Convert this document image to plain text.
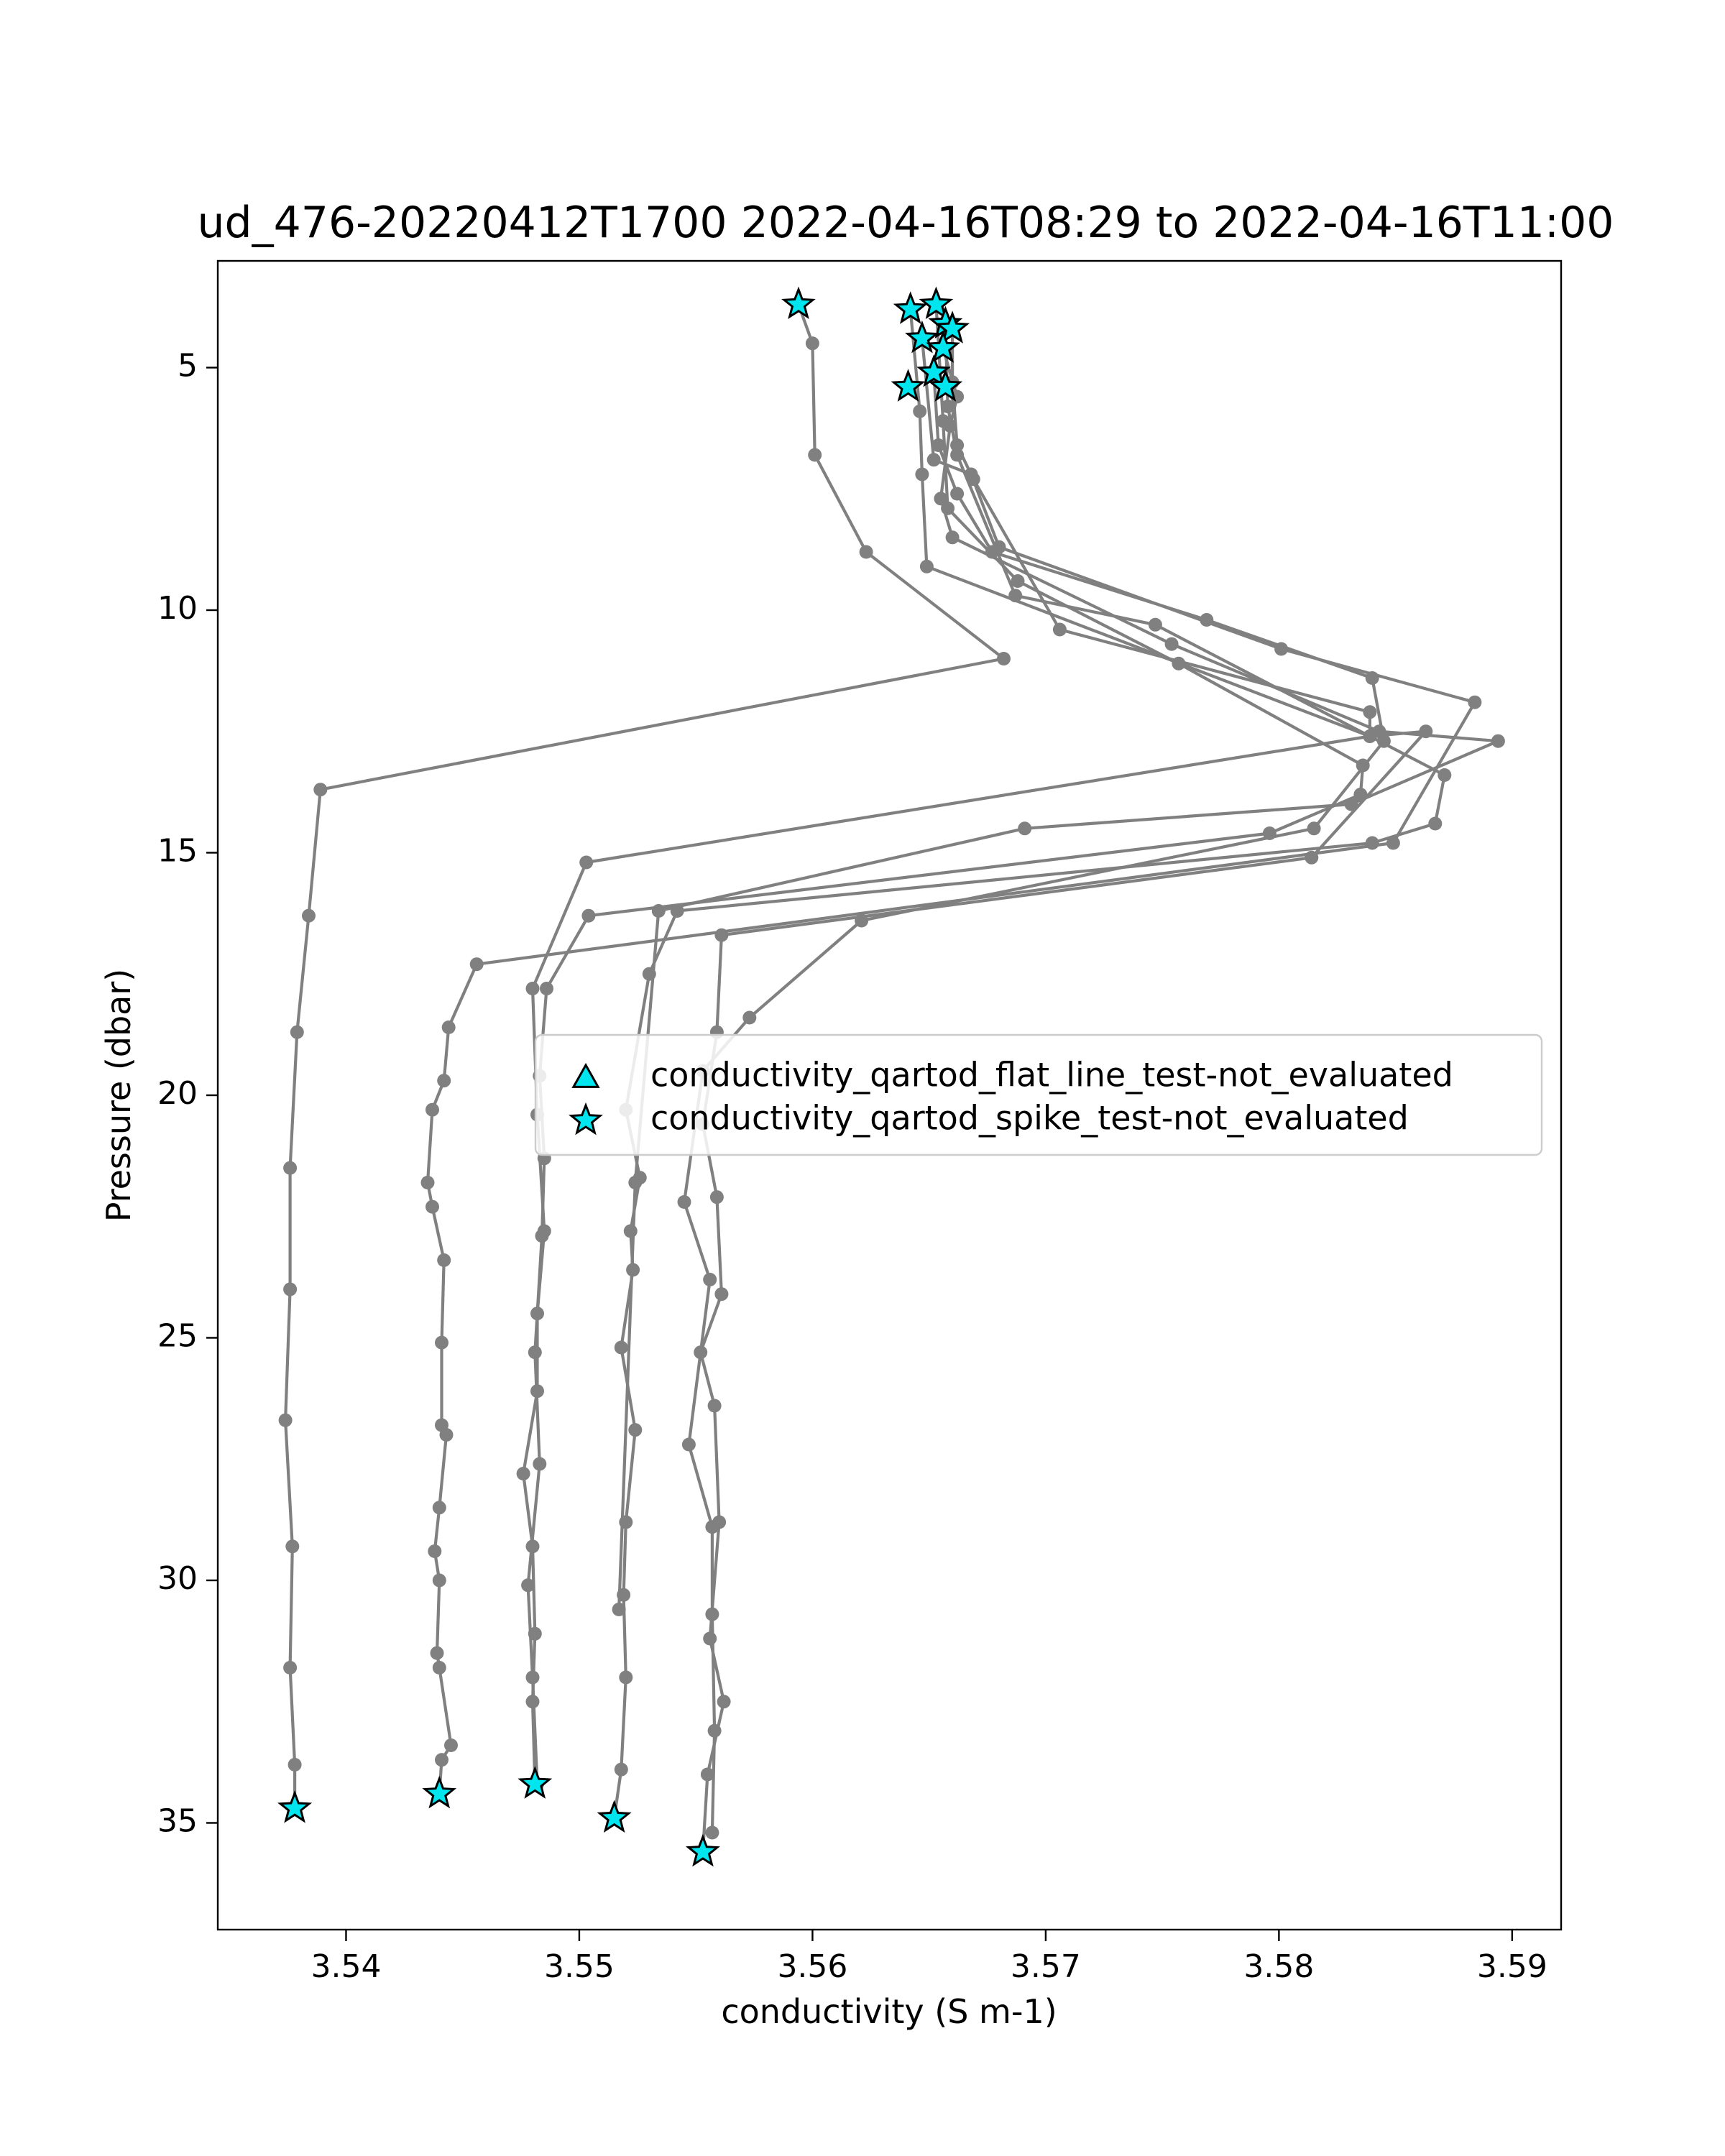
ud_476-20220412T1700 2022-04-16T08:29 to 2022-04-16T11:00
3.54	3.55	3.56	3.57	3.58	3.59
5
10
15
20
25
30
35
conductivity (S m-1)
Pressure (dbar)	conductivity_qartod_flat_line_test-not_evaluated
conductivity_qartod_spike_test-not_evaluated
